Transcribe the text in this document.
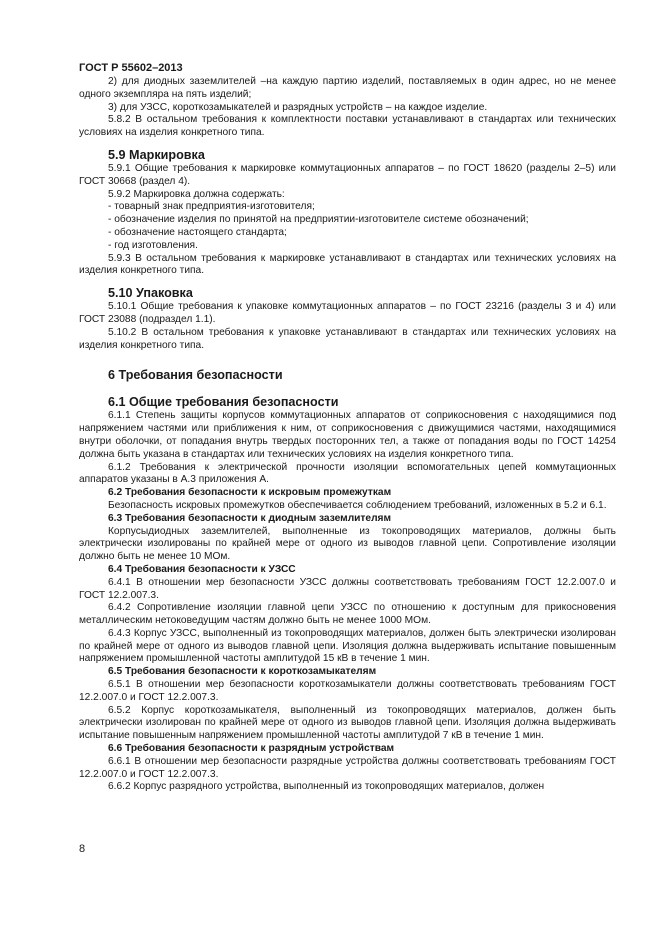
ГОСТ Р 55602–2013

2) для диодных заземлителей –на каждую партию изделий, поставляемых в один адрес, но не менее одного экземпляра на пять изделий;

3) для УЗСС, короткозамыкателей и разрядных устройств – на каждое изделие.

5.8.2 В остальном требования к комплектности поставки устанавливают в стандартах или технических условиях на изделия конкретного типа.

5.9 Маркировка

5.9.1 Общие требования к маркировке коммутационных аппаратов – по ГОСТ 18620 (разделы 2–5) или ГОСТ 30668 (раздел 4).

5.9.2 Маркировка должна содержать:

- товарный знак предприятия-изготовителя;

- обозначение изделия по принятой на предприятии-изготовителе системе обозначений;

- обозначение настоящего стандарта;

- год изготовления.

5.9.3 В остальном требования к маркировке устанавливают в стандартах или технических условиях на изделия конкретного типа.

5.10 Упаковка

5.10.1 Общие требования к упаковке коммутационных аппаратов – по ГОСТ 23216 (разделы 3 и 4) или ГОСТ 23088 (подраздел 1.1).

5.10.2 В остальном требования к упаковке устанавливают в стандартах или технических условиях на изделия конкретного типа.

6 Требования безопасности
6.1 Общие требования безопасности

6.1.1 Степень защиты корпусов коммутационных аппаратов от соприкосновения с находящимися под напряжением частями или приближения к ним, от соприкосновения с движущимися частями, находящимися внутри оболочки, от попадания внутрь твердых посторонних тел, а также от попадания воды по ГОСТ 14254 должна быть указана в стандартах или технических условиях на изделия конкретного типа.

6.1.2 Требования к электрической прочности изоляции вспомогательных цепей коммутационных аппаратов указаны в А.3 приложения А.

6.2 Требования безопасности к искровым промежуткам

Безопасность искровых промежутков обеспечивается соблюдением требований, изложенных в 5.2 и 6.1.

6.3 Требования безопасности к диодным заземлителям

Корпусыдиодных заземлителей, выполненные из токопроводящих материалов, должны быть электрически изолированы по крайней мере от одного из выводов главной цепи. Сопротивление изоляции должно быть не менее 10 МОм.

6.4 Требования безопасности к УЗСС

6.4.1 В отношении мер безопасности УЗСС должны соответствовать требованиям ГОСТ 12.2.007.0 и ГОСТ 12.2.007.3.

6.4.2 Сопротивление изоляции главной цепи УЗСС по отношению к доступным для прикосновения металлическим нетоковедущим частям должно быть не менее 1000 МОм.

6.4.3 Корпус УЗСС, выполненный из токопроводящих материалов, должен быть электрически изолирован по крайней мере от одного из выводов главной цепи. Изоляция должна выдерживать испытание повышенным напряжением промышленной частоты амплитудой 15 кВ в течение 1 мин.

6.5 Требования безопасности к короткозамыкателям

6.5.1 В отношении мер безопасности короткозамыкатели должны соответствовать требованиям ГОСТ 12.2.007.0 и ГОСТ 12.2.007.3.

6.5.2 Корпус короткозамыкателя, выполненный из токопроводящих материалов, должен быть электрически изолирован по крайней мере от одного из выводов главной цепи. Изоляция должна выдерживать испытание повышенным напряжением промышленной частоты амплитудой 7 кВ в течение 1 мин.

6.6 Требования безопасности к разрядным устройствам

6.6.1 В отношении мер безопасности разрядные устройства должны соответствовать требованиям ГОСТ 12.2.007.0 и ГОСТ 12.2.007.3.

6.6.2 Корпус разрядного устройства, выполненный из токопроводящих материалов, должен

8
